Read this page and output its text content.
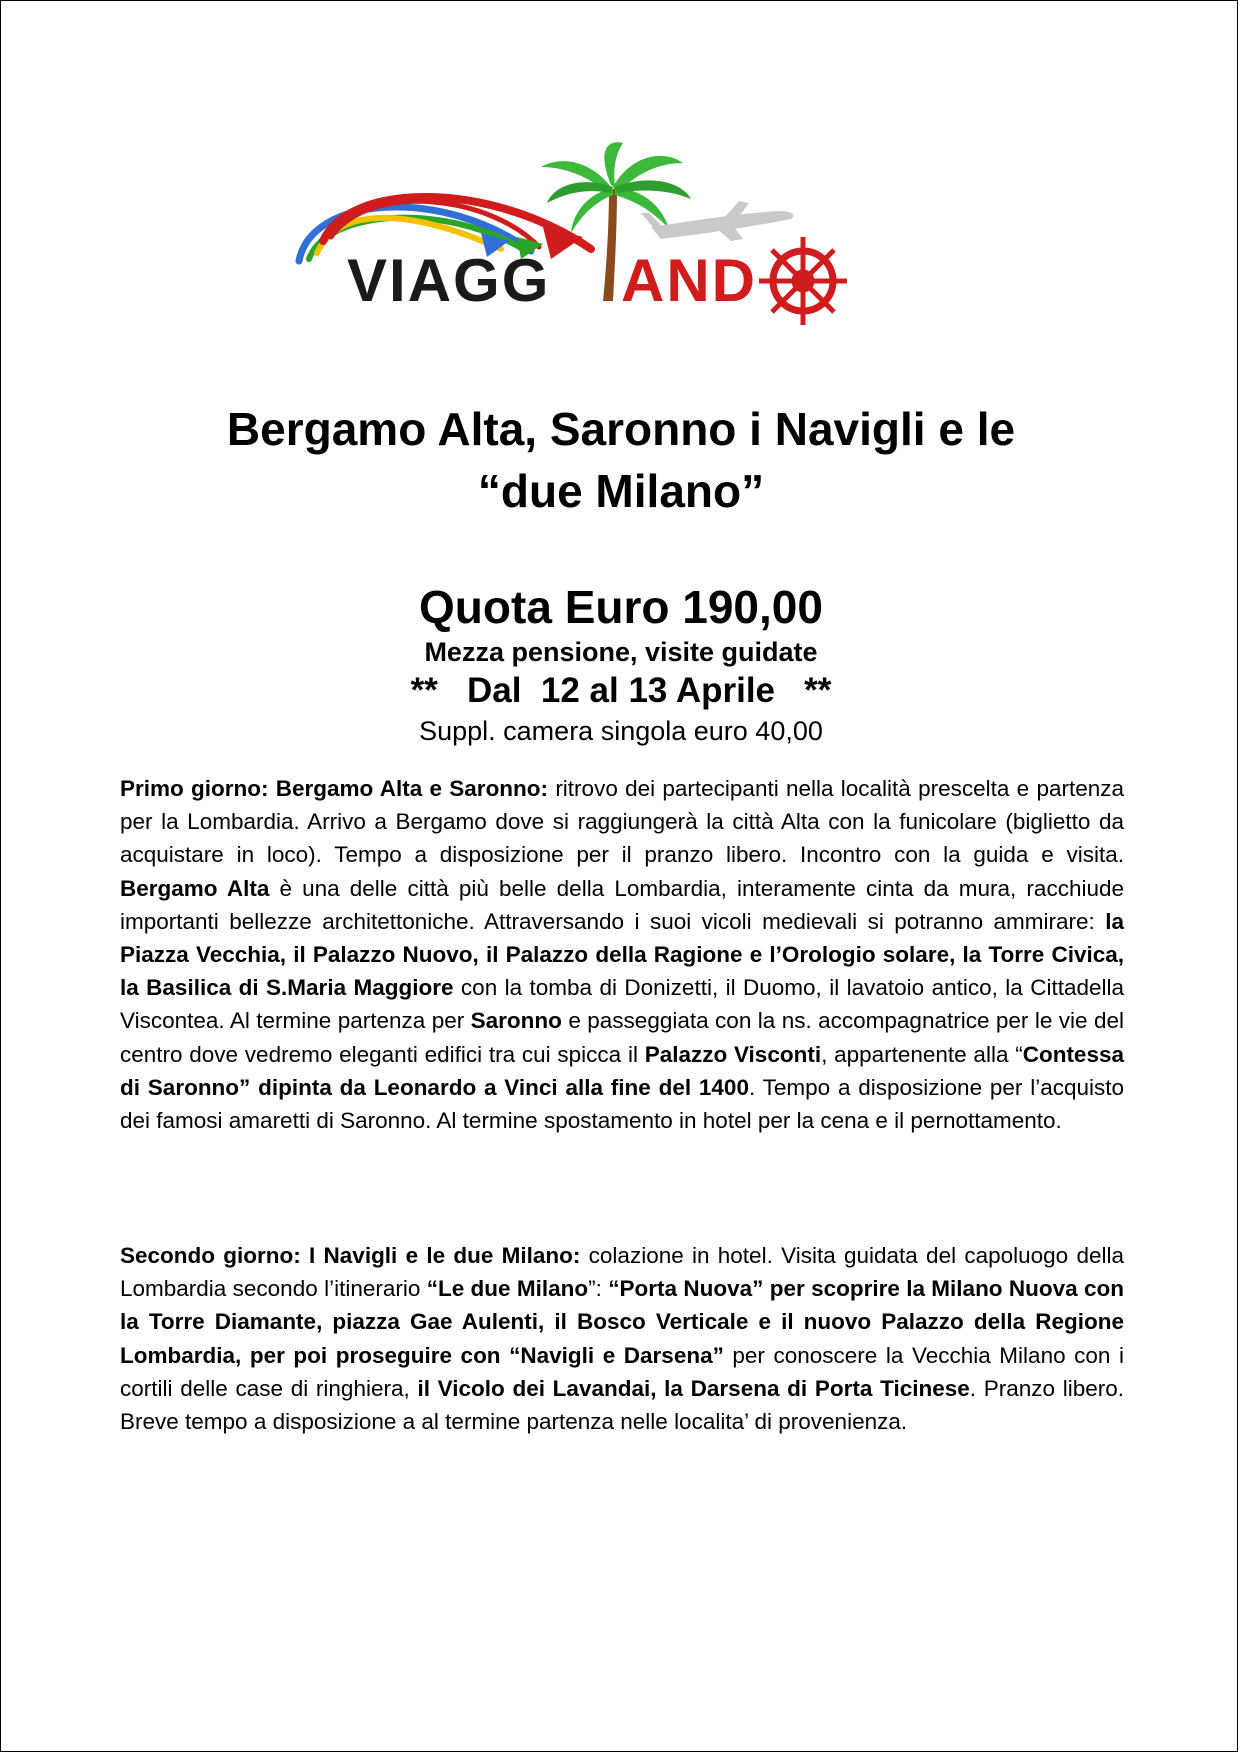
VIAGG AND
Bergamo Alta, Saronno i Navigli e le
“due Milano”
Quota Euro 190,00
Mezza pensione, visite guidate
**   Dal  12 al 13 Aprile   **
Suppl. camera singola euro 40,00

Primo giorno: Bergamo Alta e Saronno: ritrovo dei partecipanti nella località prescelta e partenza per la Lombardia. Arrivo a Bergamo dove si raggiungerà la città Alta con la funicolare (biglietto da acquistare in loco). Tempo a disposizione per il pranzo libero. Incontro con la guida e visita. Bergamo Alta è una delle città più belle della Lombardia, interamente cinta da mura, racchiude importanti bellezze architettoniche. Attraversando i suoi vicoli medievali si potranno ammirare: la Piazza Vecchia, il Palazzo Nuovo, il Palazzo della Ragione e l’Orologio solare, la Torre Civica, la Basilica di S.Maria Maggiore con la tomba di Donizetti, il Duomo, il lavatoio antico, la Cittadella Viscontea. Al termine partenza per Saronno e passeggiata con la ns. accompagnatrice per le vie del centro dove vedremo eleganti edifici tra cui spicca il Palazzo Visconti, appartenente alla “Contessa di Saronno” dipinta da Leonardo a Vinci alla fine del 1400. Tempo a disposizione per l’acquisto dei famosi amaretti di Saronno. Al termine spostamento in hotel per la cena e il pernottamento.

Secondo giorno: I Navigli e le due Milano: colazione in hotel. Visita guidata del capoluogo della Lombardia secondo l’itinerario “Le due Milano”: “Porta Nuova” per scoprire la Milano Nuova con la Torre Diamante, piazza Gae Aulenti, il Bosco Verticale e il nuovo Palazzo della Regione Lombardia, per poi proseguire con “Navigli e Darsena” per conoscere la Vecchia Milano con i cortili delle case di ringhiera, il Vicolo dei Lavandai, la Darsena di Porta Ticinese. Pranzo libero. Breve tempo a disposizione a al termine partenza nelle localita’ di provenienza.
